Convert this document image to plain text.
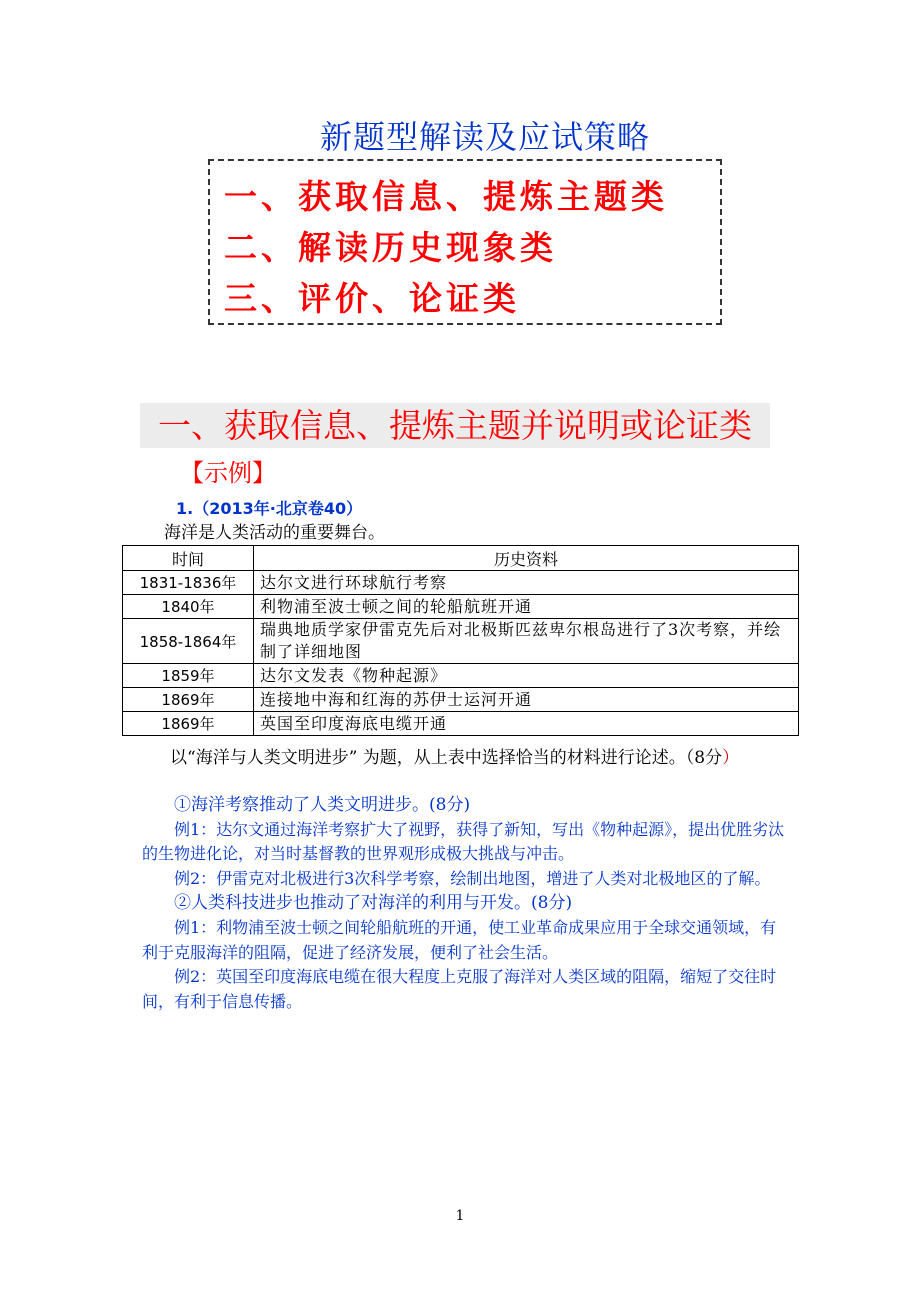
新题型解读及应试策略
一、获取信息、提炼主题类
二、解读历史现象类
三、评价、论证类
一、获取信息、提炼主题并说明或论证类
【示例】
1.（2013年·北京卷40）
海洋是人类活动的重要舞台。
时间	历史资料
1831-1836年	达尔文进行环球航行考察
1840年	利物浦至波士顿之间的轮船航班开通
1858-1864年	瑞典地质学家伊雷克先后对北极斯匹兹卑尔根岛进行了3次考察，并绘制了详细地图
1859年	达尔文发表《物种起源》
1869年	连接地中海和红海的苏伊士运河开通
1869年	英国至印度海底电缆开通
以“海洋与人类文明进步” 为题，从上表中选择恰当的材料进行论述。（8分）

①海洋考察推动了人类文明进步。(8分)

例1：达尔文通过海洋考察扩大了视野，获得了新知，写出《物种起源》，提出优胜劣汰的生物进化论，对当时基督教的世界观形成极大挑战与冲击。

例2：伊雷克对北极进行3次科学考察，绘制出地图，增进了人类对北极地区的了解。

②人类科技进步也推动了对海洋的利用与开发。(8分)

例1：利物浦至波士顿之间轮船航班的开通，使工业革命成果应用于全球交通领域，有利于克服海洋的阻隔，促进了经济发展，便利了社会生活。

例2：英国至印度海底电缆在很大程度上克服了海洋对人类区域的阻隔，缩短了交往时间，有利于信息传播。

1
